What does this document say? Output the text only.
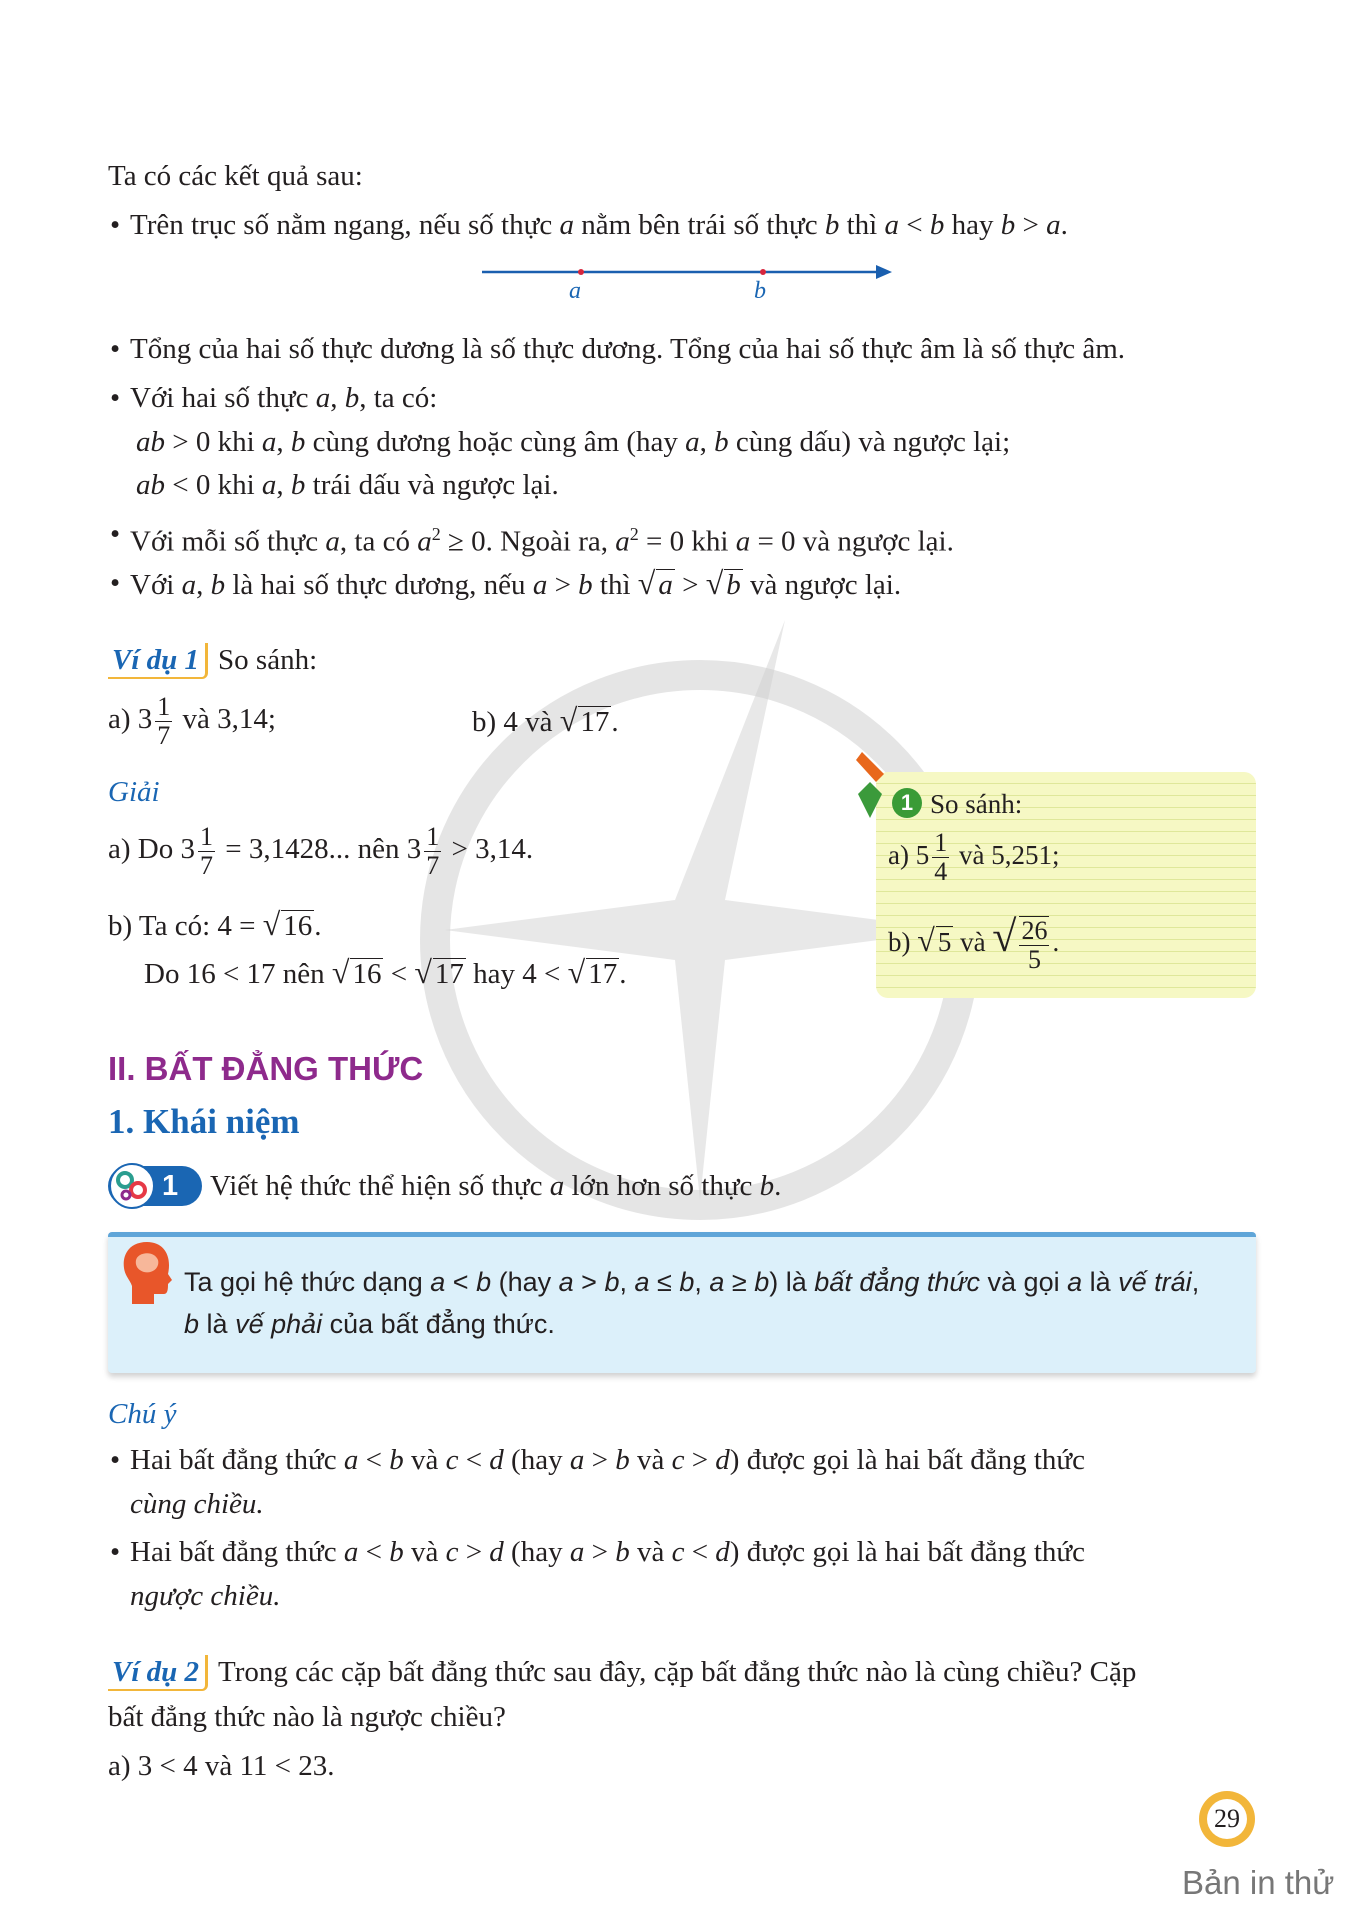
Ta có các kết quả sau:
• Trên trục số nằm ngang, nếu số thực a nằm bên trái số thực b thì a < b hay b > a.
a	b
• Tổng của hai số thực dương là số thực dương. Tổng của hai số thực âm là số thực âm.
• Với hai số thực a, b, ta có:
ab > 0 khi a, b cùng dương hoặc cùng âm (hay a, b cùng dấu) và ngược lại;
ab < 0 khi a, b trái dấu và ngược lại.
• Với mỗi số thực a, ta có $a^2 \ge 0$. Ngoài ra, $a^2 = 0$ khi a = 0 và ngược lại.
• Với a, b là hai số thực dương, nếu a > b thì √ a > √ b và ngược lại.
Ví dụ 1 So sánh:
a) $3 \frac{1}{7}$ và 3,14;	b) 4 và √ 17.
Giải
a) Do $3 \frac{1}{7} = 3,1428$... nên $3 \frac{1}{7} > 3,14$.
b) Ta có: 4 = √ 16.
Do 16 < 17 nên √ 16 < √ 17 hay 4 < √ 17.
1 So sánh:
a) $5 \frac{1}{4}$ và 5,251;
b) √ 5 và √ $\frac{26}{5}$ .
II. BẤT ĐẲNG THỨC
1. Khái niệm
1 Viết hệ thức thể hiện số thực a lớn hơn số thực b.
Ta gọi hệ thức dạng a < b (hay a > b, a ≤ b, a ≥ b) là bất đẳng thức và gọi a là vế trái,
b là vế phải của bất đẳng thức.
Chú ý
• Hai bất đẳng thức a < b và c < d (hay a > b và c > d) được gọi là hai bất đẳng thức
cùng chiều.
• Hai bất đẳng thức a < b và c > d (hay a > b và c < d) được gọi là hai bất đẳng thức
ngược chiều.
Ví dụ 2 Trong các cặp bất đẳng thức sau đây, cặp bất đẳng thức nào là cùng chiều? Cặp
bất đẳng thức nào là ngược chiều?
a) 3 < 4 và 11 < 23.
29
Bản in thử
